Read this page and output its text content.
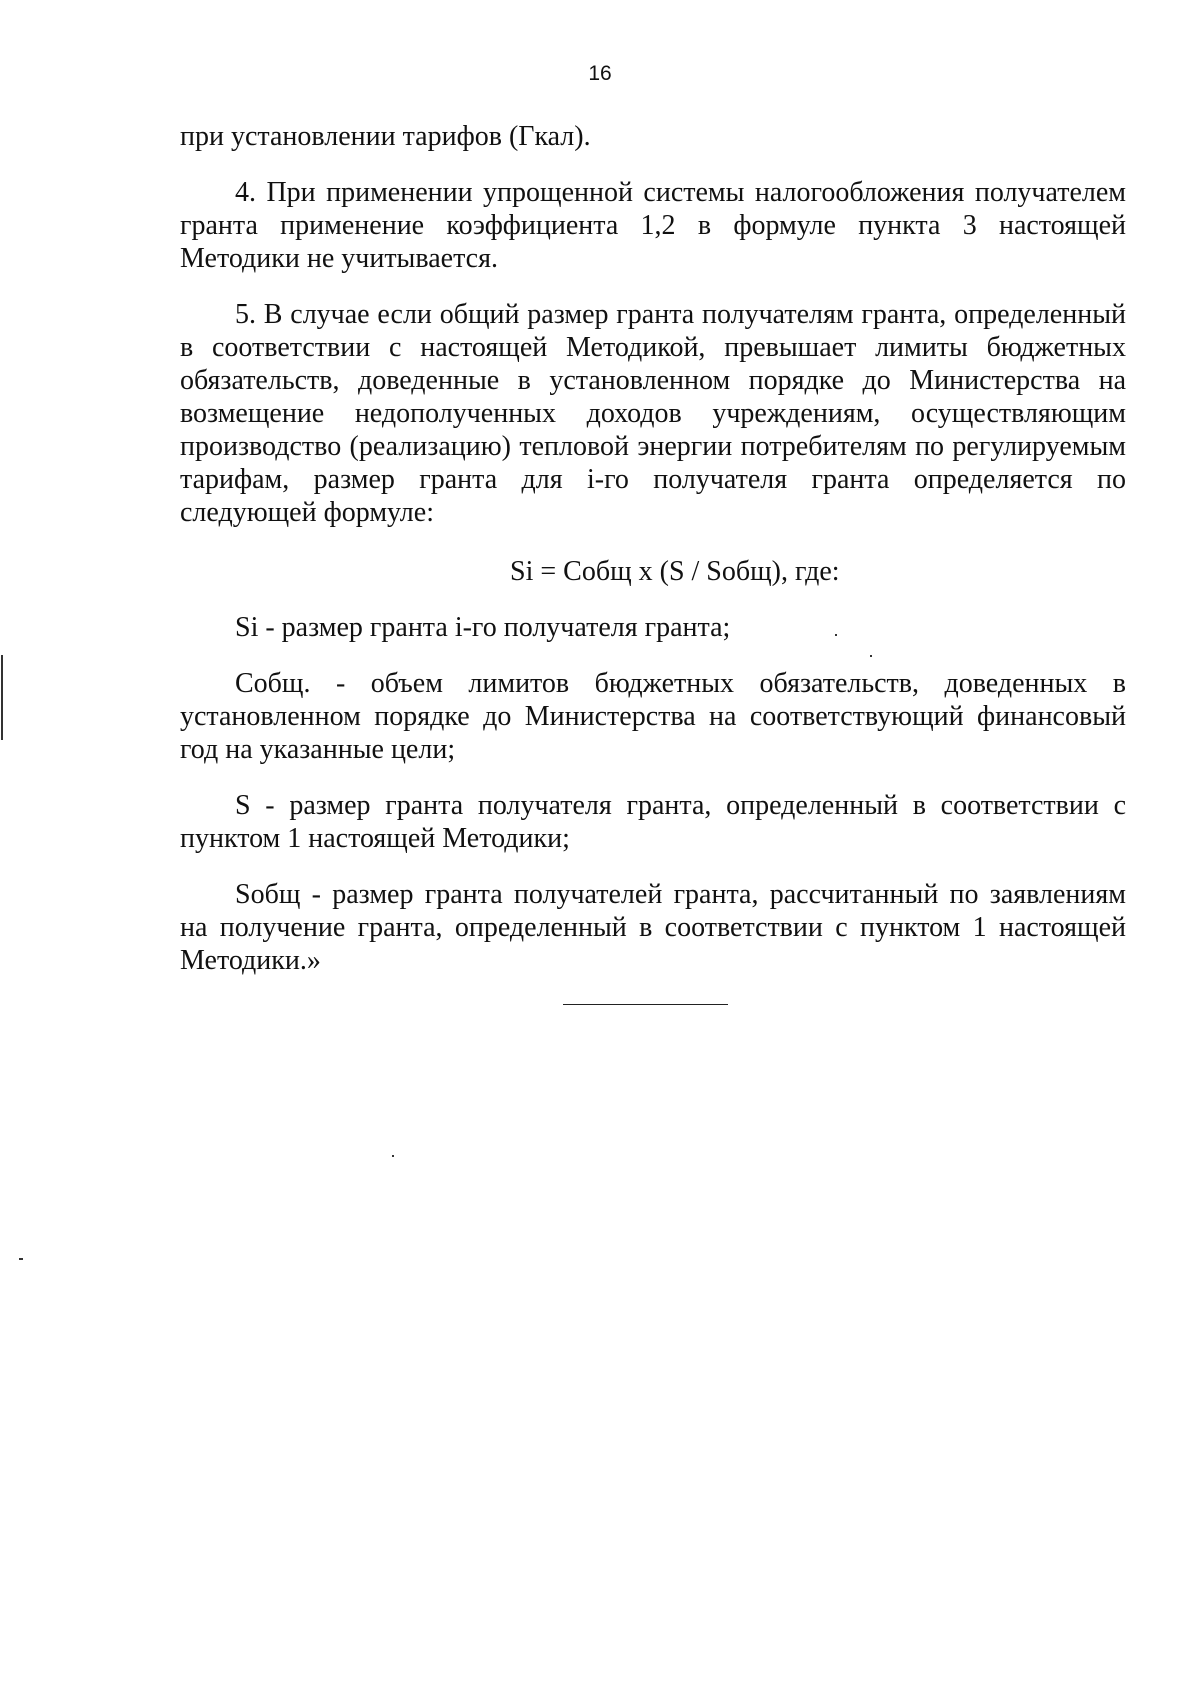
16

при установлении тарифов (Гкал).

4. При применении упрощенной системы налогообложения получателем гранта применение коэффициента 1,2 в формуле пункта 3 настоящей Методики не учитывается.

5. В случае если общий размер гранта получателям гранта, определенный в соответствии с настоящей Методикой, превышает лимиты бюджетных обязательств, доведенные в установленном порядке до Министерства на возмещение недополученных доходов учреждениям, осуществляющим производство (реализацию) тепловой энергии потребителям по регулируемым тарифам, размер гранта для i-го получателя гранта определяется по следующей формуле:

Si = Собщ x (S / Sобщ), где:

Si - размер гранта i-го получателя гранта;

Собщ. - объем лимитов бюджетных обязательств, доведенных в установленном порядке до Министерства на соответствующий финансовый год на указанные цели;

S - размер гранта получателя гранта, определенный в соответствии с пунктом 1 настоящей Методики;

Sобщ - размер гранта получателей гранта, рассчитанный по заявлениям на получение гранта, определенный в соответствии с пунктом 1 настоящей Методики.»
